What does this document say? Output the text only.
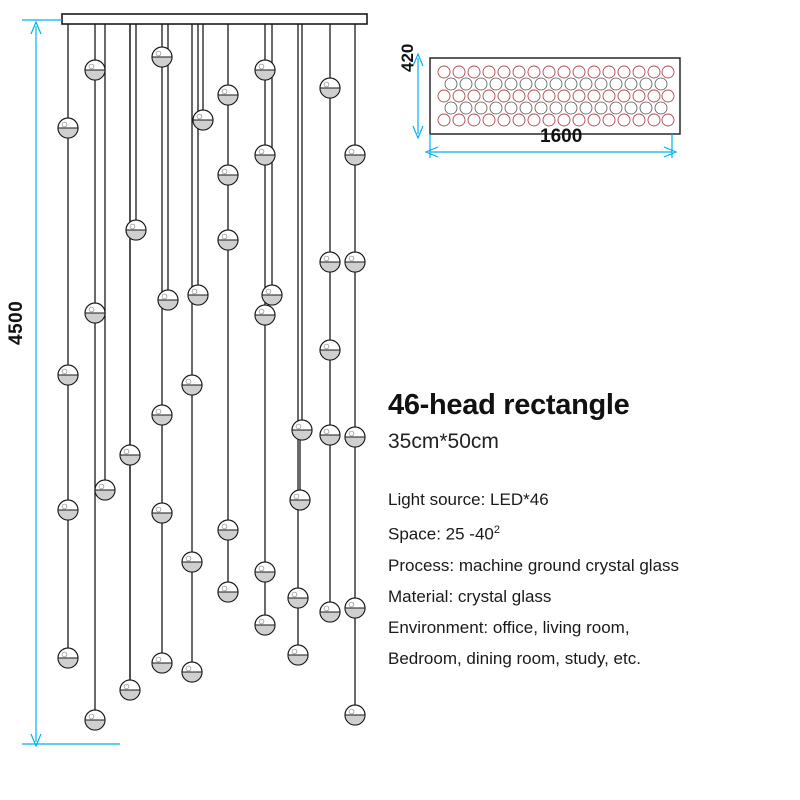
4500
420
1600

46-head rectangle

35cm*50cm

Light source: LED*46
Space: 25 $-40^2$
Process: machine ground crystal glass
Material: crystal glass
Environment: office, living room,
Bedroom, dining room, study, etc.
